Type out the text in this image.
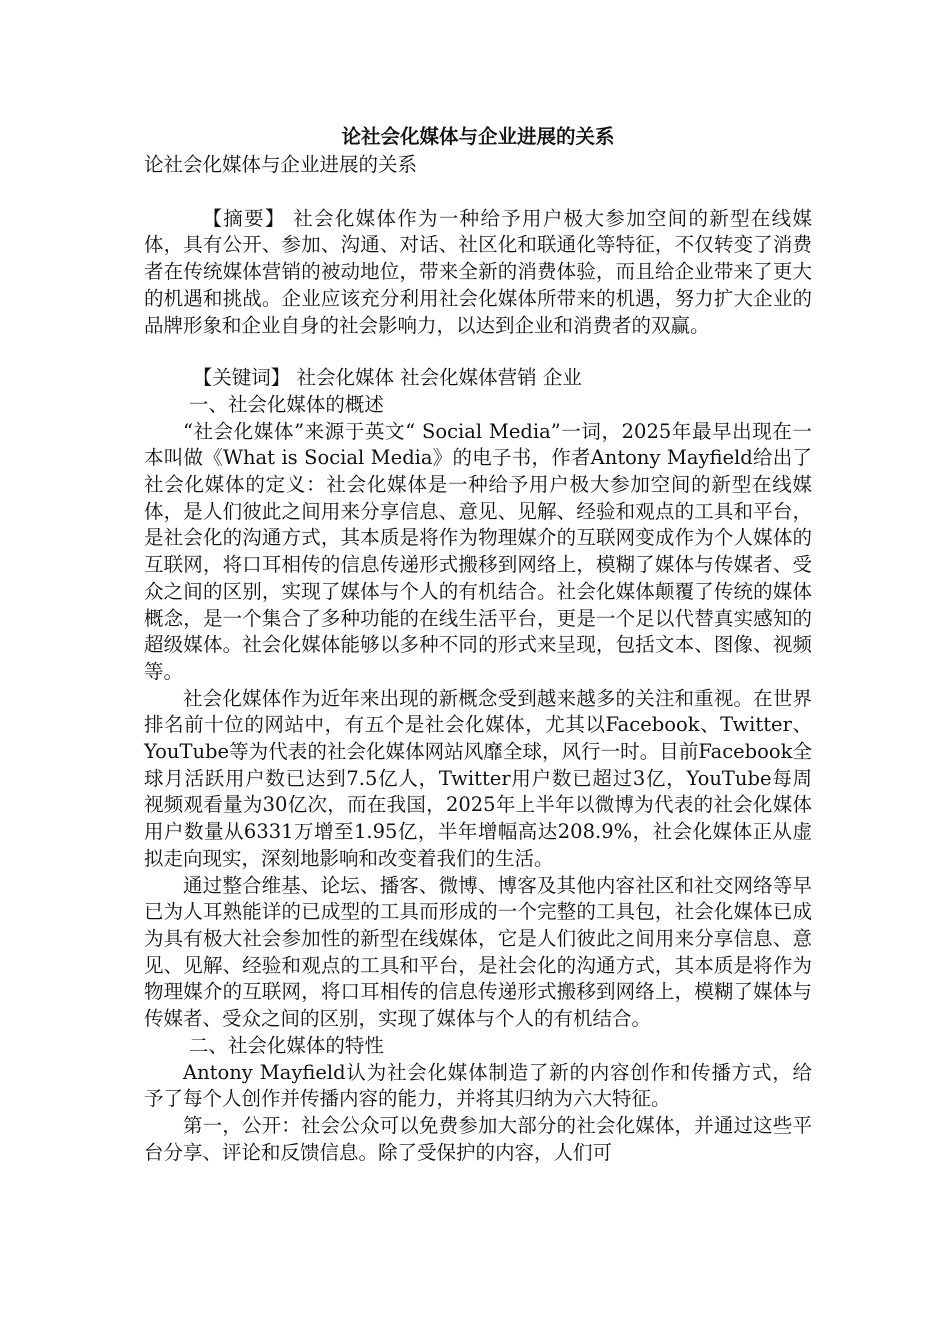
论社会化媒体与企业进展的关系

论社会化媒体与企业进展的关系

【摘要】 社会化媒体作为一种给予用户极大参加空间的新型在线媒体，具有公开、参加、沟通、对话、社区化和联通化等特征，不仅转变了消费者在传统媒体营销的被动地位，带来全新的消费体验，而且给企业带来了更大的机遇和挑战。企业应该充分利用社会化媒体所带来的机遇，努力扩大企业的品牌形象和企业自身的社会影响力，以达到企业和消费者的双赢。

【关键词】 社会化媒体 社会化媒体营销 企业

一、社会化媒体的概述

“社会化媒体”来源于英文“ Social Media”一词，2025年最早出现在一本叫做《What is Social Media》的电子书，作者Antony Mayfield给出了社会化媒体的定义：社会化媒体是一种给予用户极大参加空间的新型在线媒体，是人们彼此之间用来分享信息、意见、见解、经验和观点的工具和平台，是社会化的沟通方式，其本质是将作为物理媒介的互联网变成作为个人媒体的互联网，将口耳相传的信息传递形式搬移到网络上，模糊了媒体与传媒者、受众之间的区别，实现了媒体与个人的有机结合。社会化媒体颠覆了传统的媒体概念，是一个集合了多种功能的在线生活平台，更是一个足以代替真实感知的超级媒体。社会化媒体能够以多种不同的形式来呈现，包括文本、图像、视频等。

社会化媒体作为近年来出现的新概念受到越来越多的关注和重视。在世界排名前十位的网站中，有五个是社会化媒体，尤其以Facebook、Twitter、YouTube等为代表的社会化媒体网站风靡全球，风行一时。目前Facebook全球月活跃用户数已达到7.5亿人，Twitter用户数已超过3亿，YouTube每周视频观看量为30亿次，而在我国，2025年上半年以微博为代表的社会化媒体用户数量从6331万增至1.95亿，半年增幅高达208.9%，社会化媒体正从虚拟走向现实，深刻地影响和改变着我们的生活。

通过整合维基、论坛、播客、微博、博客及其他内容社区和社交网络等早已为人耳熟能详的已成型的工具而形成的一个完整的工具包，社会化媒体已成为具有极大社会参加性的新型在线媒体，它是人们彼此之间用来分享信息、意见、见解、经验和观点的工具和平台，是社会化的沟通方式，其本质是将作为物理媒介的互联网，将口耳相传的信息传递形式搬移到网络上，模糊了媒体与传媒者、受众之间的区别，实现了媒体与个人的有机结合。

二、社会化媒体的特性

Antony Mayfield认为社会化媒体制造了新的内容创作和传播方式，给予了每个人创作并传播内容的能力，并将其归纳为六大特征。

第一，公开：社会公众可以免费参加大部分的社会化媒体，并通过这些平台分享、评论和反馈信息。除了受保护的内容，人们可
